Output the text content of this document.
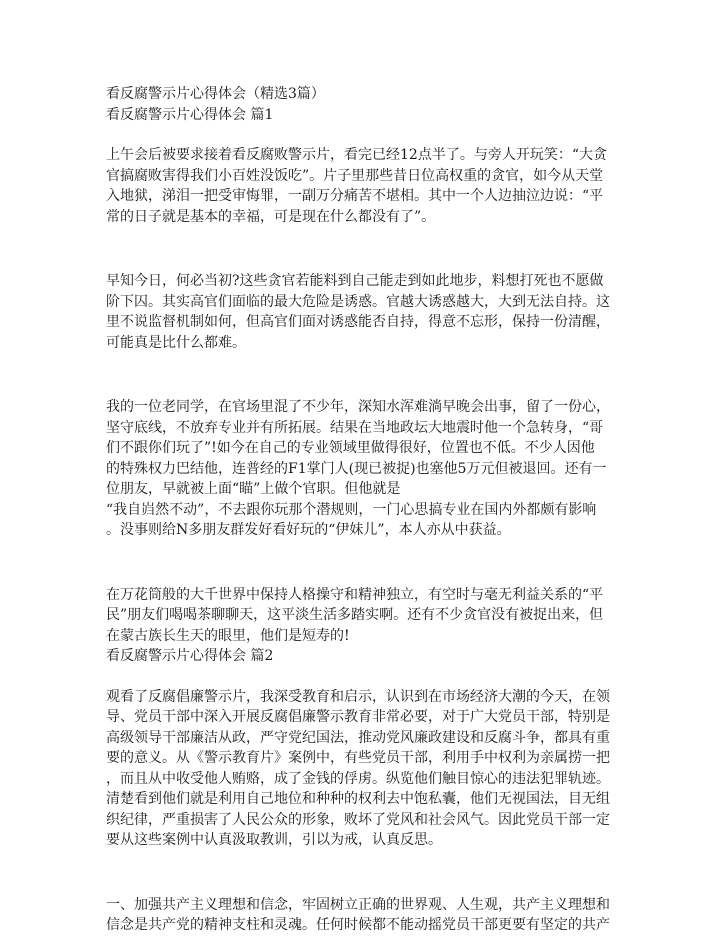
看反腐警示片心得体会（精选3篇）

看反腐警示片心得体会 篇1

上午会后被要求接着看反腐败警示片，看完已经12点半了。与旁人开玩笑：“大贪

官搞腐败害得我们小百姓没饭吃”。片子里那些昔日位高权重的贪官，如今从天堂

入地狱，涕泪一把受审悔罪，一副万分痛苦不堪相。其中一个人边抽泣边说：“平

常的日子就是基本的幸福，可是现在什么都没有了”。

早知今日，何必当初?这些贪官若能料到自己能走到如此地步，料想打死也不愿做

阶下囚。其实高官们面临的最大危险是诱惑。官越大诱惑越大，大到无法自持。这

里不说监督机制如何，但高官们面对诱惑能否自持，得意不忘形，保持一份清醒，

可能真是比什么都难。

我的一位老同学，在官场里混了不少年，深知水浑难淌早晚会出事，留了一份心，

坚守底线，不放弃专业并有所拓展。结果在当地政坛大地震时他一个急转身，“哥

们不跟你们玩了”!如今在自己的专业领域里做得很好，位置也不低。不少人因他

的特殊权力巴结他，连普经的F1掌门人(现已被捉)也塞他5万元但被退回。还有一

位朋友，早就被上面“瞄”上做个官职。但他就是

“我自岿然不动”，不去跟你玩那个潜规则，一门心思搞专业在国内外都颇有影响

。没事则给N多朋友群发好看好玩的“伊妹儿”，本人亦从中获益。

在万花筒般的大千世界中保持人格操守和精神独立，有空时与毫无利益关系的“平

民”朋友们喝喝茶聊聊天，这平淡生活多踏实啊。还有不少贪官没有被捉出来，但

在蒙古族长生天的眼里，他们是短寿的!

看反腐警示片心得体会 篇2

观看了反腐倡廉警示片，我深受教育和启示，认识到在市场经济大潮的今天，在领

导、党员干部中深入开展反腐倡廉警示教育非常必要，对于广大党员干部，特别是

高级领导干部廉洁从政，严守党纪国法，推动党风廉政建设和反腐斗争，都具有重

要的意义。从《警示教育片》案例中，有些党员干部，利用手中权利为亲属捞一把

，而且从中收受他人贿赂，成了金钱的俘虏。纵览他们触目惊心的违法犯罪轨迹。

清楚看到他们就是利用自己地位和种种的权利去中饱私囊，他们无视国法，目无组

织纪律，严重损害了人民公众的形象，败坏了党风和社会风气。因此党员干部一定

要从这些案例中认真汲取教训，引以为戒，认真反思。

一、加强共产主义理想和信念，牢固树立正确的世界观、人生观，共产主义理想和

信念是共产党的精神支柱和灵魂。任何时候都不能动摇党员干部更要有坚定的共产
